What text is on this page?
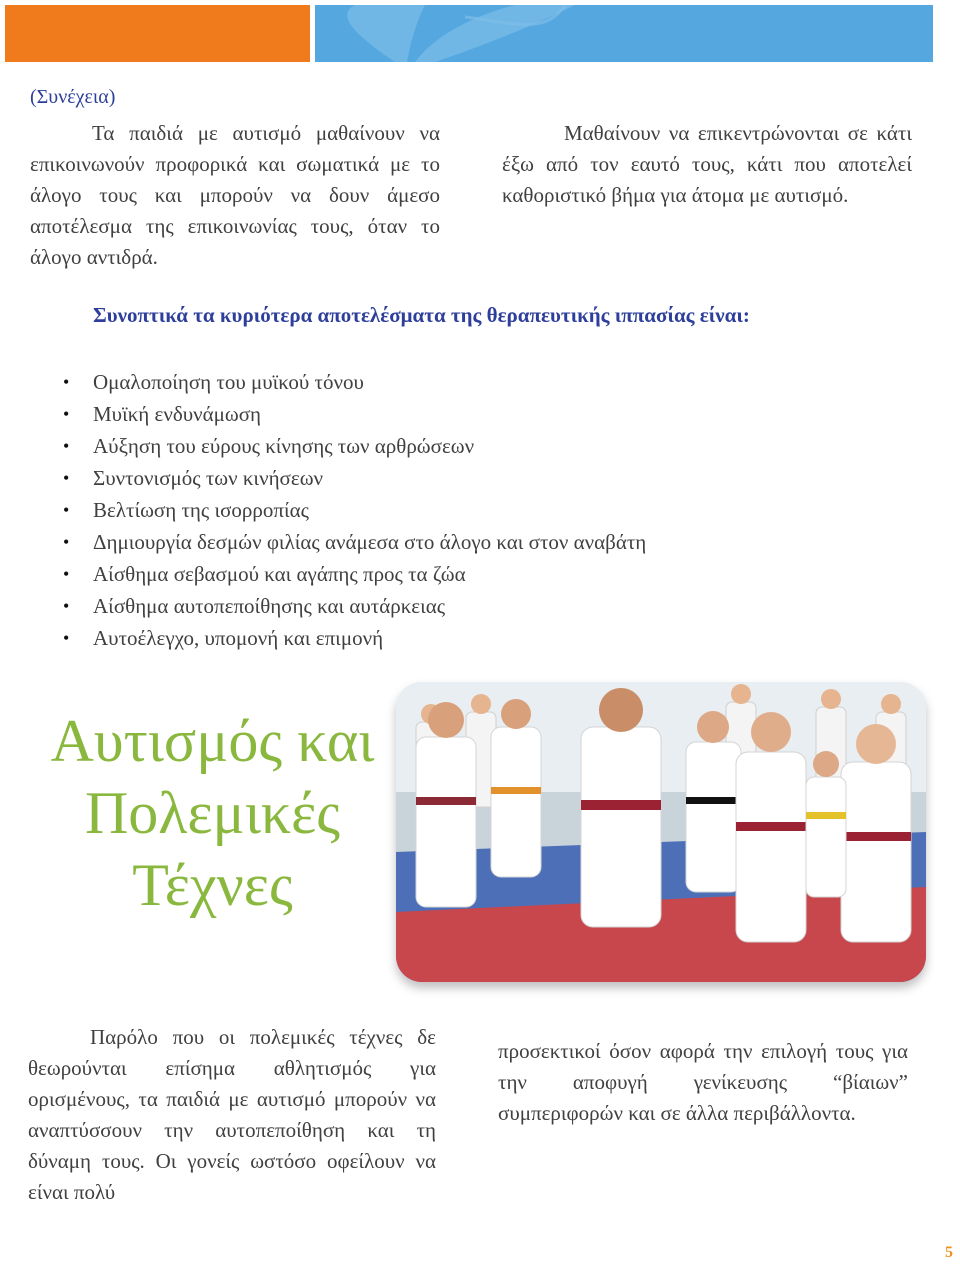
(Συνέχεια)
Τα παιδιά με αυτισμό μαθαίνουν να επικοινωνούν προφορικά και σωματικά με το άλογο τους και μπορούν να δουν άμεσο αποτέλεσμα της επικοινωνίας τους, όταν το άλογο αντιδρά.
Μαθαίνουν να επικεντρώνονται σε κάτι έξω από τον εαυτό τους, κάτι που αποτελεί καθοριστικό βήμα για άτομα με αυτισμό.
Συνοπτικά τα κυριότερα αποτελέσματα της θεραπευτικής ιππασίας είναι:
• Ομαλοποίηση του μυϊκού τόνου
• Μυϊκή ενδυνάμωση
• Αύξηση του εύρους κίνησης των αρθρώσεων
• Συντονισμός των κινήσεων
• Βελτίωση της ισορροπίας
• Δημιουργία δεσμών φιλίας ανάμεσα στο άλογο και στον αναβάτη
• Αίσθημα σεβασμού και αγάπης προς τα ζώα
• Αίσθημα αυτοπεποίθησης και αυτάρκειας
• Αυτοέλεγχο, υπομονή και επιμονή
Αυτισμός και
Πολεμικές
Τέχνες
Παρόλο που οι πολεμικές τέχνες δε θεωρούνται επίσημα αθλητισμός για ορισμένους, τα παιδιά με αυτισμό μπορούν να αναπτύσσουν την αυτοπεποίθηση και τη δύναμη τους. Οι γονείς ωστόσο οφείλουν να είναι πολύ
προσεκτικοί όσον αφορά την επιλογή τους για την αποφυγή γενίκευσης “βίαιων” συμπεριφορών και σε άλλα περιβάλλοντα.
5
